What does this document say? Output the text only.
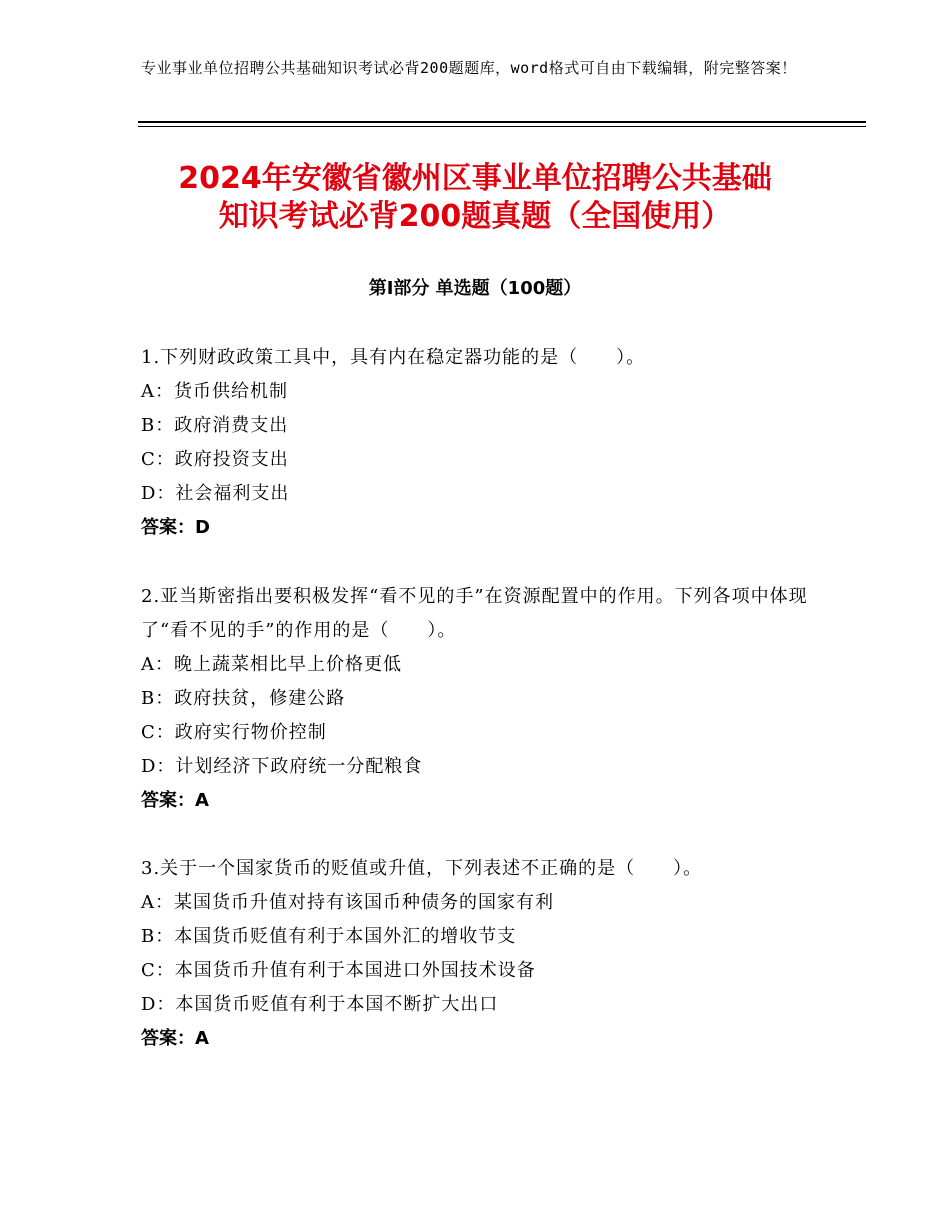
专业事业单位招聘公共基础知识考试必背200题题库，word格式可自由下载编辑，附完整答案！
2024年安徽省徽州区事业单位招聘公共基础
知识考试必背200题真题（全国使用）
第Ⅰ部分 单选题（100题）
1.下列财政政策工具中，具有内在稳定器功能的是（　　）。
A：货币供给机制
B：政府消费支出
C：政府投资支出
D：社会福利支出
答案：D
2.亚当斯密指出要积极发挥“看不见的手”在资源配置中的作用。下列各项中体现了“看不见的手”的作用的是（　　）。
A：晚上蔬菜相比早上价格更低
B：政府扶贫，修建公路
C：政府实行物价控制
D：计划经济下政府统一分配粮食
答案：A
3.关于一个国家货币的贬值或升值，下列表述不正确的是（　　）。
A：某国货币升值对持有该国币种债务的国家有利
B：本国货币贬值有利于本国外汇的增收节支
C：本国货币升值有利于本国进口外国技术设备
D：本国货币贬值有利于本国不断扩大出口
答案：A
